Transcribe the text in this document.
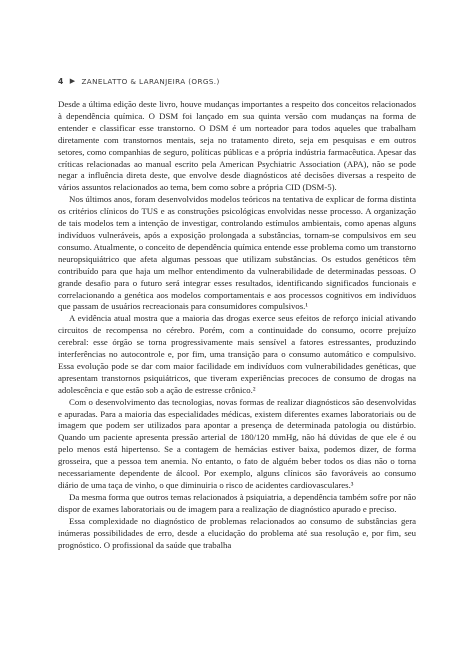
4 ▶ ZANELATTO & LARANJEIRA (ORGS.)

Desde a última edição deste livro, houve mudanças importantes a respeito dos conceitos relacionados à dependência química. O DSM foi lançado em sua quinta versão com mudanças na forma de entender e classificar esse transtorno. O DSM é um norteador para todos aqueles que trabalham diretamente com transtornos mentais, seja no tratamento direto, seja em pesquisas e em outros setores, como companhias de seguro, políticas públicas e a própria indústria farmacêutica. Apesar das críticas relacionadas ao manual escrito pela American Psychiatric Association (APA), não se pode negar a influência direta deste, que envolve desde diagnósticos até decisões diversas a respeito de vários assuntos relacionados ao tema, bem como sobre a própria CID (DSM-5).

Nos últimos anos, foram desenvolvidos modelos teóricos na tentativa de explicar de forma distinta os critérios clínicos do TUS e as construções psicológicas envolvidas nesse processo. A organização de tais modelos tem a intenção de investigar, controlando estímulos ambientais, como apenas alguns indivíduos vulneráveis, após a exposição prolongada a substâncias, tornam-se compulsivos em seu consumo. Atualmente, o conceito de dependência química entende esse problema como um transtorno neuropsiquiátrico que afeta algumas pessoas que utilizam substâncias. Os estudos genéticos têm contribuído para que haja um melhor entendimento da vulnerabilidade de determinadas pessoas. O grande desafio para o futuro será integrar esses resultados, identificando significados funcionais e correlacionando a genética aos modelos comportamentais e aos processos cognitivos em indivíduos que passam de usuários recreacionais para consumidores compulsivos.¹

A evidência atual mostra que a maioria das drogas exerce seus efeitos de reforço inicial ativando circuitos de recompensa no cérebro. Porém, com a continuidade do consumo, ocorre prejuízo cerebral: esse órgão se torna progressivamente mais sensível a fatores estressantes, produzindo interferências no autocontrole e, por fim, uma transição para o consumo automático e compulsivo. Essa evolução pode se dar com maior facilidade em indivíduos com vulnerabilidades genéticas, que apresentam transtornos psiquiátricos, que tiveram experiências precoces de consumo de drogas na adolescência e que estão sob a ação de estresse crônico.²

Com o desenvolvimento das tecnologias, novas formas de realizar diagnósticos são desenvolvidas e apuradas. Para a maioria das especialidades médicas, existem diferentes exames laboratoriais ou de imagem que podem ser utilizados para apontar a presença de determinada patologia ou distúrbio. Quando um paciente apresenta pressão arterial de 180/120 mmHg, não há dúvidas de que ele é ou pelo menos está hipertenso. Se a contagem de hemácias estiver baixa, podemos dizer, de forma grosseira, que a pessoa tem anemia. No entanto, o fato de alguém beber todos os dias não o torna necessariamente dependente de álcool. Por exemplo, alguns clínicos são favoráveis ao consumo diário de uma taça de vinho, o que diminuiria o risco de acidentes cardiovasculares.³

Da mesma forma que outros temas relacionados à psiquiatria, a dependência também sofre por não dispor de exames laboratoriais ou de imagem para a realização de diagnóstico apurado e preciso.

Essa complexidade no diagnóstico de problemas relacionados ao consumo de substâncias gera inúmeras possibilidades de erro, desde a elucidação do problema até sua resolução e, por fim, seu prognóstico. O profissional da saúde que trabalha
